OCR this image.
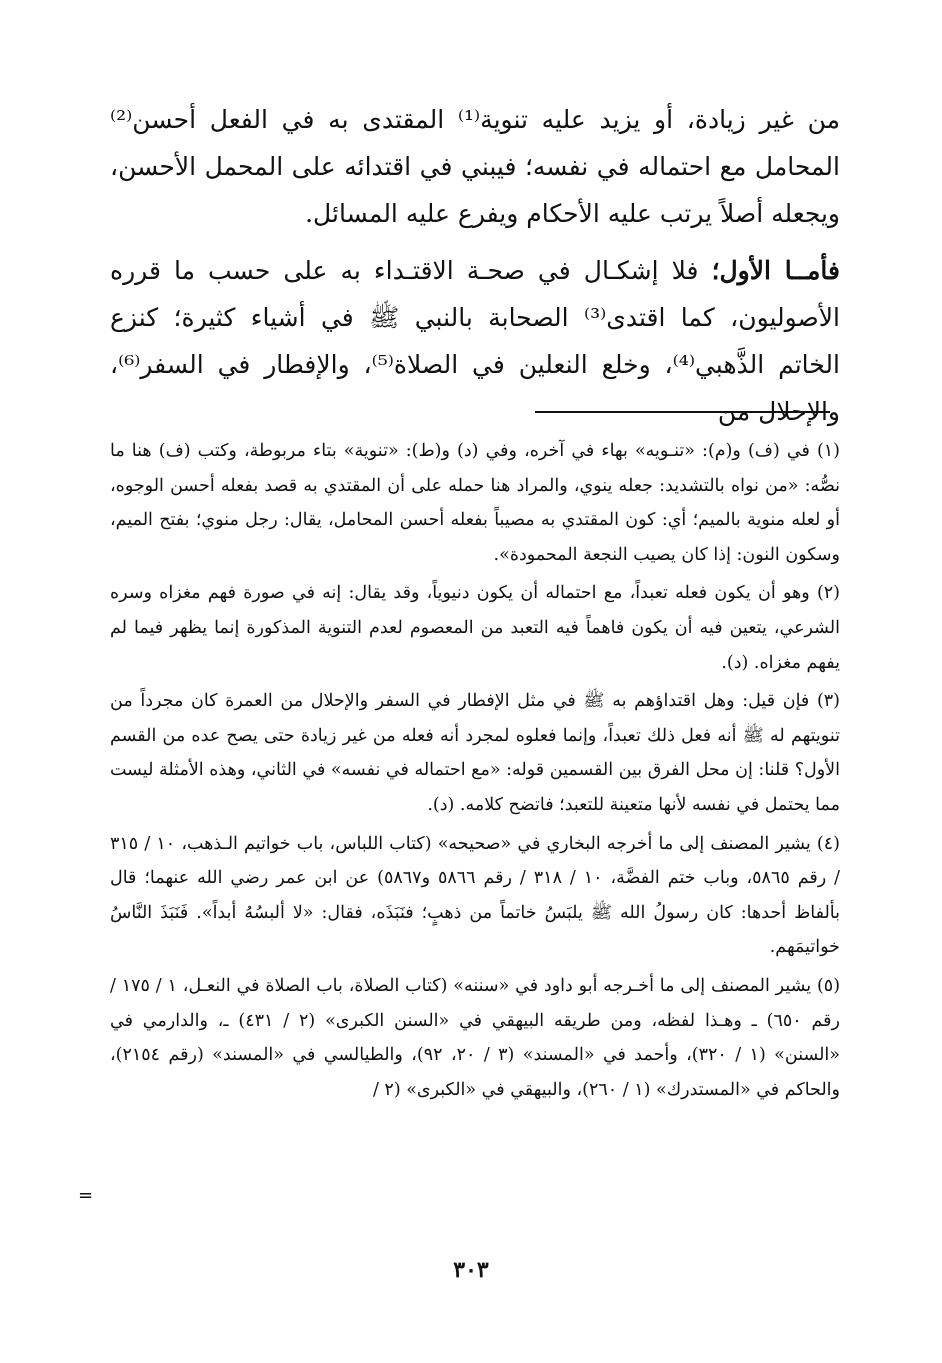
من غير زيادة، أو يزيد عليه تنوية⁽¹⁾ المقتدى به في الفعل أحسن⁽²⁾ المحامل مع احتماله في نفسه؛ فيبني في اقتدائه على المحمل الأحسن، ويجعله أصلاً يرتب عليه الأحكام ويفرع عليه المسائل.

فأمــا الأول؛ فلا إشكـال في صحـة الاقتـداء به على حسب ما قرره الأصوليون، كما اقتدى⁽³⁾ الصحابة بالنبي ﷺ في أشياء كثيرة؛ كنزع الخاتم الذَّهبي⁽⁴⁾، وخلع النعلين في الصلاة⁽⁵⁾، والإفطار في السفر⁽⁶⁾، والإحلال من

(١) في (ف) و(م): «تنـويه» بهاء في آخره، وفي (د) و(ط): «تنوية» بتاء مربوطة، وكتب (ف) هنا ما نصُّه: «من نواه بالتشديد: جعله ينوي، والمراد هنا حمله على أن المقتدي به قصد بفعله أحسن الوجوه، أو لعله منوية بالميم؛ أي: كون المقتدي به مصيباً بفعله أحسن المحامل، يقال: رجل منوي؛ بفتح الميم، وسكون النون: إذا كان يصيب النجعة المحمودة».

(٢) وهو أن يكون فعله تعبداً، مع احتماله أن يكون دنيوياً، وقد يقال: إنه في صورة فهم مغزاه وسره الشرعي، يتعين فيه أن يكون فاهماً فيه التعبد من المعصوم لعدم التنوية المذكورة إنما يظهر فيما لم يفهم مغزاه. (د).

(٣) فإن قيل: وهل اقتداؤهم به ﷺ في مثل الإفطار في السفر والإحلال من العمرة كان مجرداً من تنويتهم له ﷺ أنه فعل ذلك تعبداً، وإنما فعلوه لمجرد أنه فعله من غير زيادة حتى يصح عده من القسم الأول؟ قلنا: إن محل الفرق بين القسمين قوله: «مع احتماله في نفسه» في الثاني، وهذه الأمثلة ليست مما يحتمل في نفسه لأنها متعينة للتعبد؛ فاتضح كلامه. (د).

(٤) يشير المصنف إلى ما أخرجه البخاري في «صحيحه» (كتاب اللباس، باب خواتيم الـذهب، ١٠ / ٣١٥ / رقم ٥٨٦٥، وباب ختم الفضَّة، ١٠ / ٣١٨ / رقم ٥٨٦٦ و٥٨٦٧) عن ابن عمر رضي الله عنهما؛ قال بألفاظ أحدها: كان رسولُ الله ﷺ يلبَسُ خاتماً من ذهبٍ؛ فنَبَذَه، فقال: «لا ألبسُهُ أبداً». فَنَبَذَ النَّاسُ خواتيمَهم.

(٥) يشير المصنف إلى ما أخـرجه أبو داود في «سننه» (كتاب الصلاة، باب الصلاة في النعـل، ١ / ١٧٥ / رقم ٦٥٠) ـ وهـذا لفظه، ومن طريقه البيهقي في «السنن الكبرى» (٢ / ٤٣١) ـ، والدارمي في «السنن» (١ / ٣٢٠)، وأحمد في «المسند» (٣ / ٢٠، ٩٢)، والطيالسي في «المسند» (رقم ٢١٥٤)، والحاكم في «المستدرك» (١ / ٢٦٠)، والبيهقي في «الكبرى» (٢ /

=
٣٠٣
